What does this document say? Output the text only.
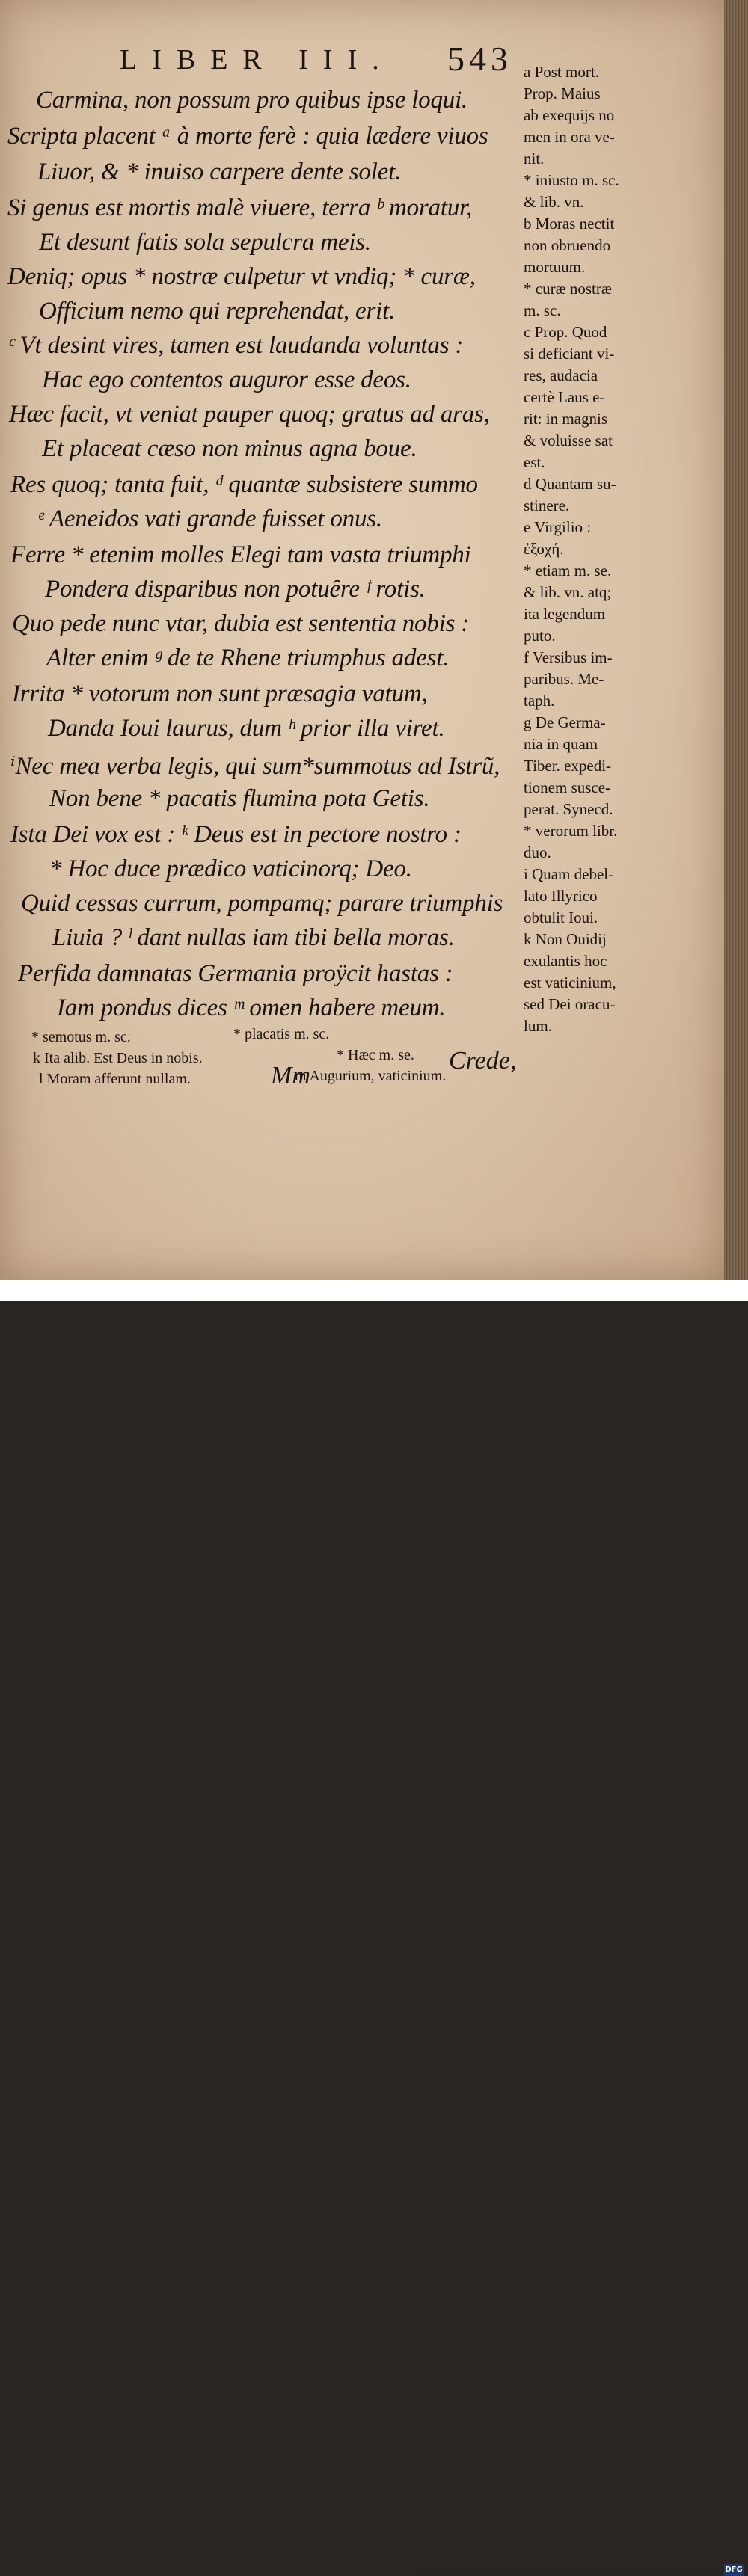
LIBER III. 543
Carmina, non possum pro quibus ipse loqui.
Scripta placent ᵃ à morte ferè : quia lædere viuos
Liuor, & * inuiso carpere dente solet.
Si genus est mortis malè viuere, terra ᵇ moratur,
Et desunt fatis sola sepulcra meis.
Deniq; opus * nostræ culpetur vt vndiq; * curæ,
Officium nemo qui reprehendat, erit.
ᶜ Vt desint vires, tamen est laudanda voluntas :
Hac ego contentos auguror esse deos.
Hæc facit, vt veniat pauper quoq; gratus ad aras,
Et placeat cæso non minus agna boue.
Res quoq; tanta fuit, ᵈ quantæ subsistere summo
ᵉ Aeneidos vati grande fuisset onus.
Ferre * etenim molles Elegi tam vasta triumphi
Pondera disparibus non potuêre ᶠ rotis.
Quo pede nunc vtar, dubia est sententia nobis :
Alter enim ᵍ de te Rhene triumphus adest.
Irrita * votorum non sunt præsagia vatum,
Danda Ioui laurus, dum ʰ prior illa viret.
ⁱNec mea verba legis, qui sum*summotus ad Istrũ,
Non bene * pacatis flumina pota Getis.
Ista Dei vox est : ᵏ Deus est in pectore nostro :
* Hoc duce prædico vaticinorq; Deo.
Quid cessas currum, pompamq; parare triumphis
Liuia ? ˡ dant nullas iam tibi bella moras.
Perfida damnatas Germania proÿcit hastas :
Iam pondus dices ᵐ omen habere meum.
* semotus m. sc.	* placatis m. sc.
k Ita alib. Est Deus in nobis.	* Hæc m. se.
l Moram afferunt nullam.	m Augurium, vaticinium.
Mm
Crede,

a Post mort.
Prop. Maius
ab exequijs no
men in ora ve-
nit.

* iniusto m. sc.
& lib. vn.

b Moras nectit
non obruendo
mortuum.

* curæ nostræ
m. sc.

c Prop. Quod
si deficiant vi-
res, audacia
certè Laus e-
rit: in magnis
& voluisse sat
est.

d Quantam su-
stinere.

e Virgilio :
ἐξοχή.

* etiam m. se.
& lib. vn. atq;
ita legendum
puto.

f Versibus im-
paribus. Me-
taph.

g De Germa-
nia in quam
Tiber. expedi-
tionem susce-
perat. Synecd.

* verorum libr.
duo.

i Quam debel-
lato Illyrico
obtulit Ioui.

k Non Ouidij
exulantis hoc
est vaticinium,
sed Dei oracu-
lum.

Digitalisierung gefördert durch die Deutsche Forschungsgemeinschaft DFG
